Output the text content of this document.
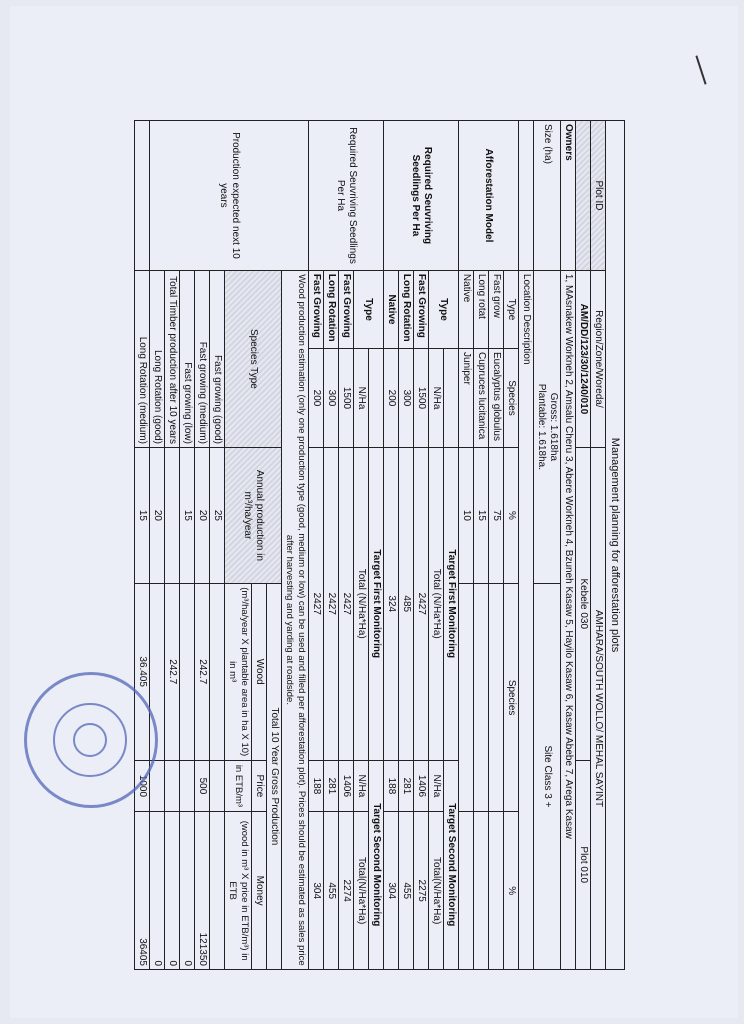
Management planning for afforestation plots						
Plot ID	Region/Zone/Woreda/		AMHARA/SOUTH WOLLO/ MEHAL SAYINT			
	AM/DD/123/30/1240/010		Kebele 030		Plot 010	
Owners	1, MAsnakew Workneh 2, Amsalu Cheru 3, Abere Workneh 4, Bzuneh Kasaw 5, Hayilo Kasaw 6, Kasaw Abebe 7, Arega Kasaw					
Size (ha)	Gross: 1.618ha
Plantable: 1.618ha.			Site Class 3 +		
	Location Description					
Afforestation Model	Type	Species	%	Species		%
	Fast grow	Eucalyptus globulus	75			
	Long rotat	Cupruces lucitanica	15			
	Native	Juniper	10			
Required Seuvriving Seedlings Per Ha	Type		Target First Monitoring		Target Second Monitoring	
		N/Ha	Total (N/Ha*Ha)		N/Ha	Total(N/Ha*Ha)
	Fast Growing	1500	2427		1406	2275
	Long Rotation	300	485		281	455
	Native	200	324		188	304
Required Seuvriving Seedlings Per Ha	Type		Target First Monitoring		Target Second Monitoring	
		N/Ha	Total (N/Ha*Ha)		N/Ha	Total(N/Ha*Ha)
	Fast Growing	1500	2427		1406	2274
	Long Rotation	300	2427		281	455
	Fast Growing	200	2427		188	304
Production expected next 10 years	Wood production estimation (only one production type (good, medium or low) can be used and filled per afforestation plot). Prices should be estimated as sales price after harvesting and yarding at roadside.					
	Species Type		Annual production in m³/ha/year	Total 10 Year Gross Production		
				Wood	Price	Money
				(m³/ha/year X plantable area in ha X 10) in m³	in ETB/m³	(wood in m³ X price in ETB/m³) in ETB
	Fast growing (good)		25			
	Fast growing (medium)		20	242.7	500	121350
	Fast growing (low)		15			0
	Total Timber production after 10 years			242.7		0
	Long Rotation (good)		20			0
	Long Rotation (medium)		15	36.405	1000	36405
